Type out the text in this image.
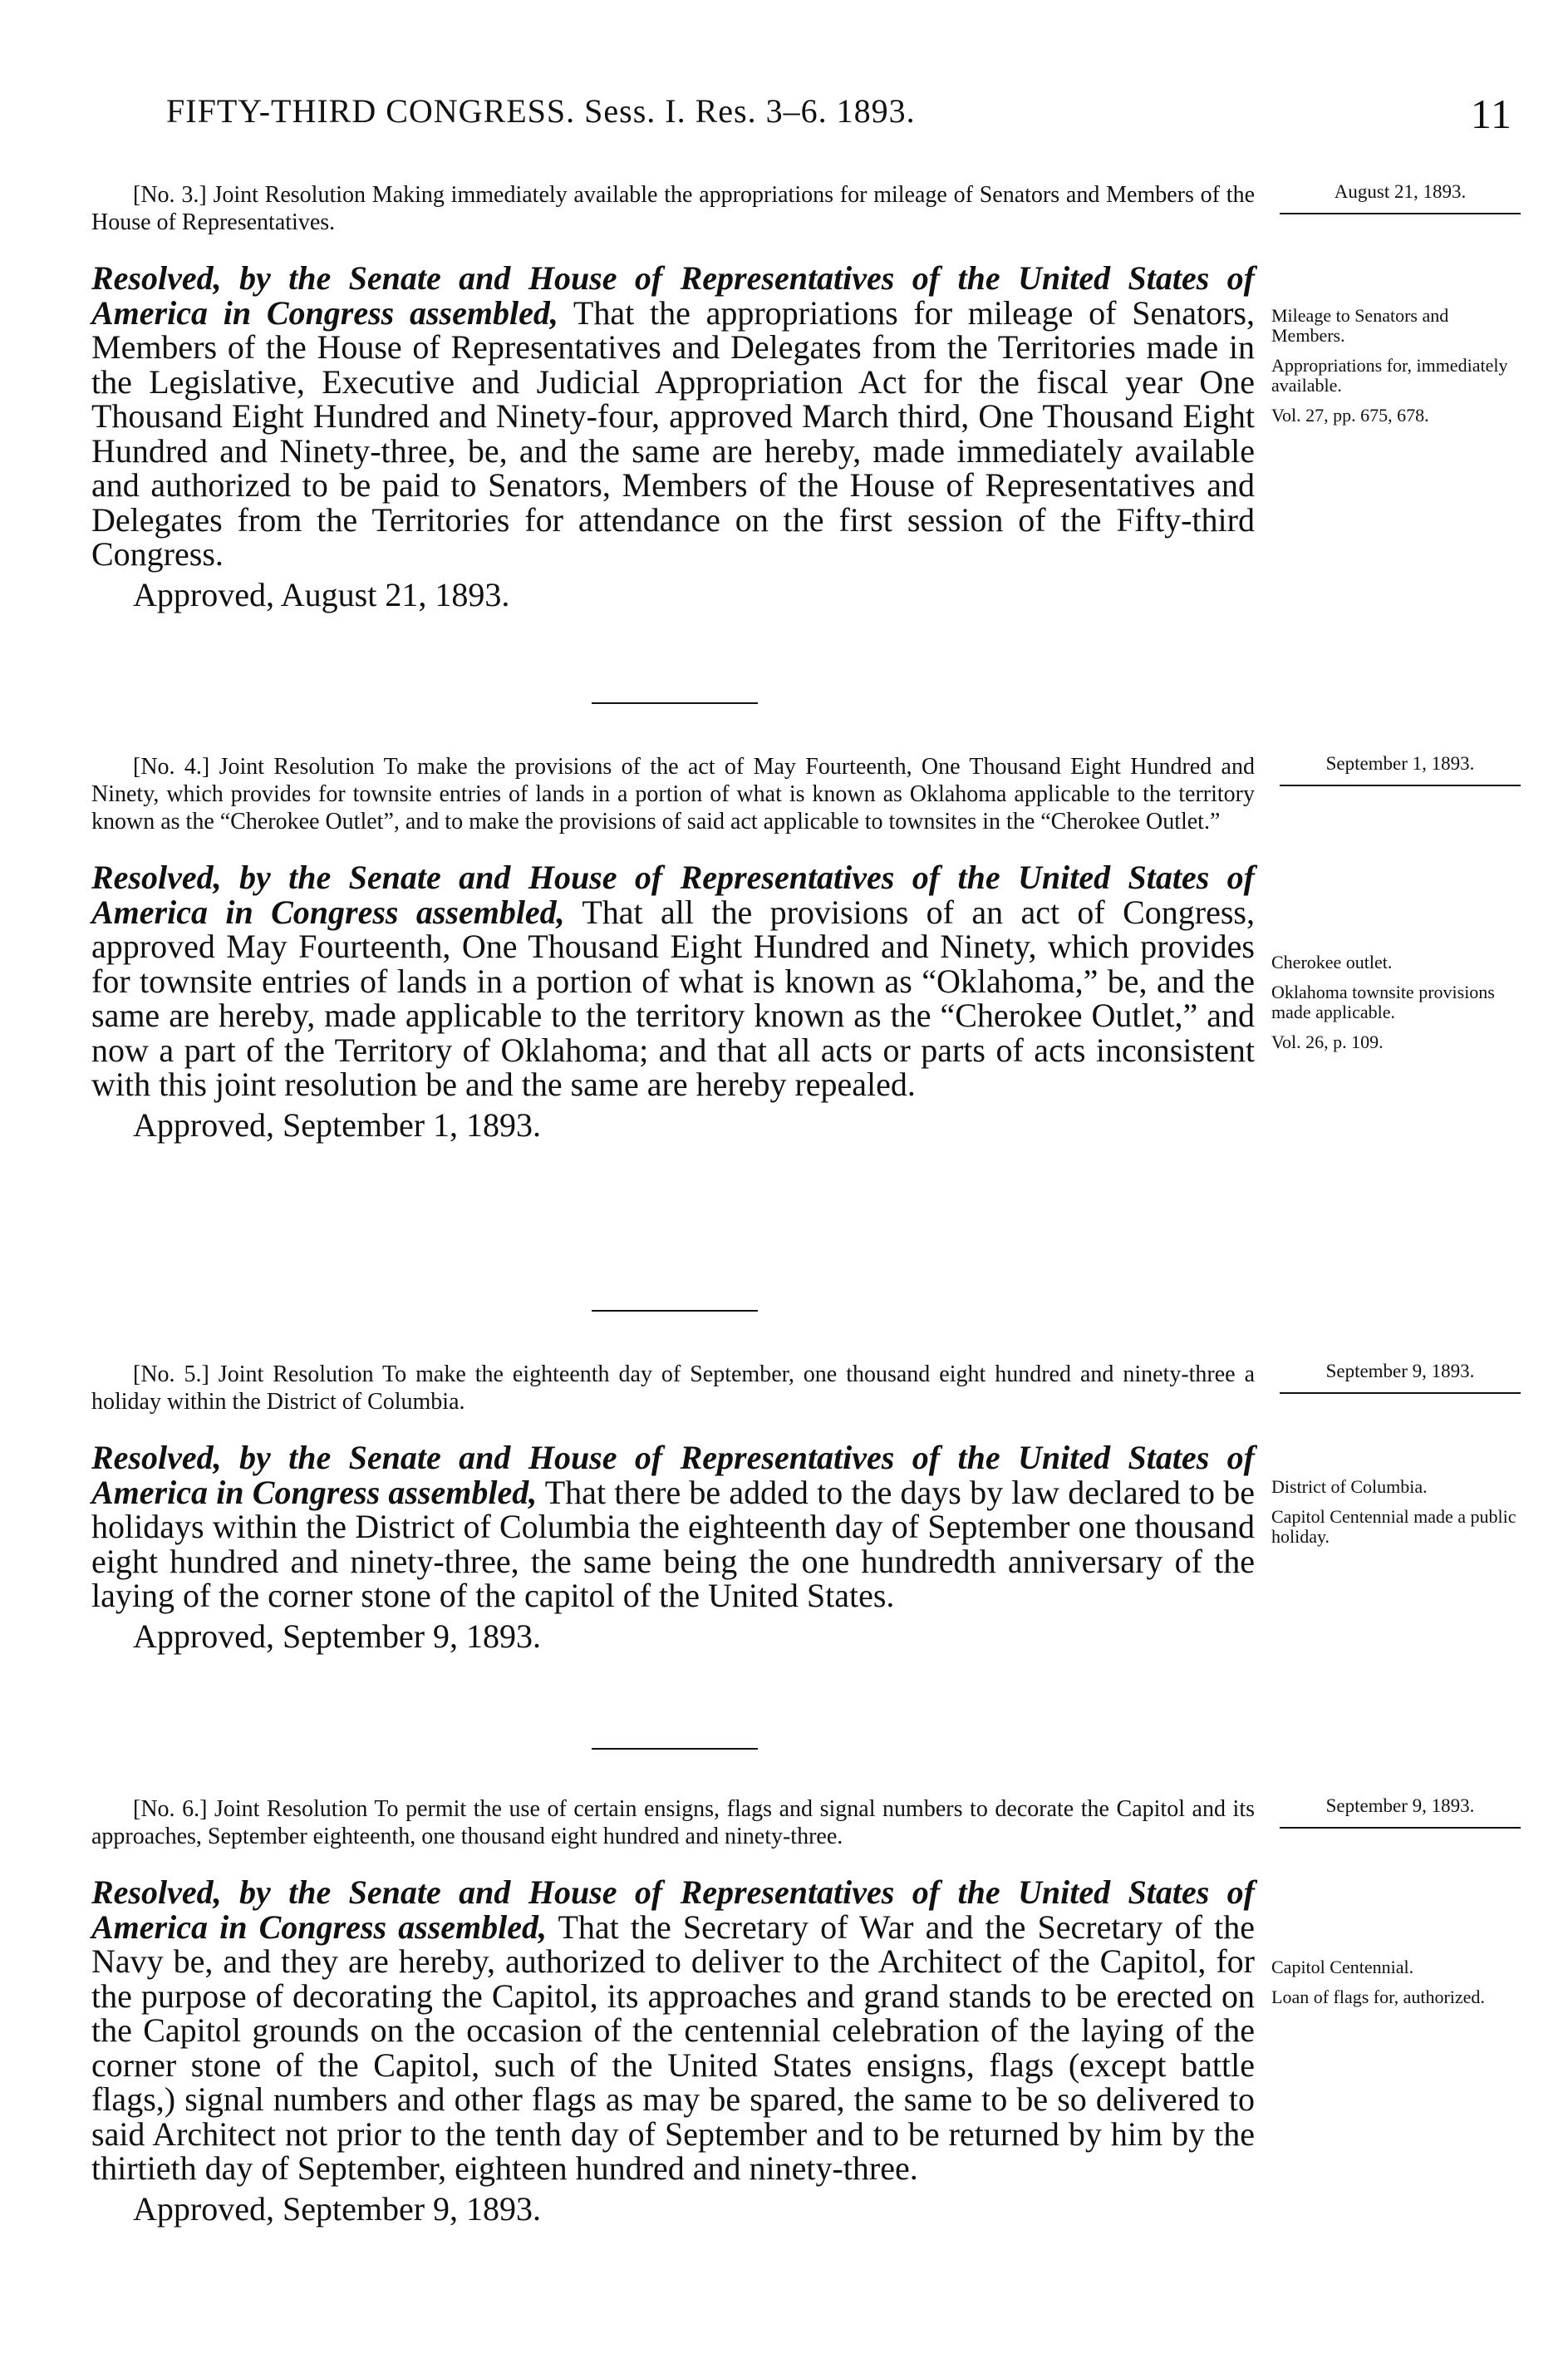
FIFTY-THIRD CONGRESS. Sess. I. Res. 3–6. 1893.	11
[No. 3.] Joint Resolution Making immediately available the appropriations for mileage of Senators and Members of the House of Representatives.
August 21, 1893.
Resolved, by the Senate and House of Representatives of the United States of America in Congress assembled, That the appropriations for mileage of Senators, Members of the House of Representatives and Delegates from the Territories made in the Legislative, Executive and Judicial Appropriation Act for the fiscal year One Thousand Eight Hundred and Ninety-four, approved March third, One Thousand Eight Hundred and Ninety-three, be, and the same are hereby, made immediately available and authorized to be paid to Senators, Members of the House of Representatives and Delegates from the Territories for attendance on the first session of the Fifty-third Congress.
Approved, August 21, 1893.
Mileage to Senators and Members.
Appropriations for, immediately available.
Vol. 27, pp. 675, 678.
[No. 4.] Joint Resolution To make the provisions of the act of May Fourteenth, One Thousand Eight Hundred and Ninety, which provides for townsite entries of lands in a portion of what is known as Oklahoma applicable to the territory known as the “Cherokee Outlet”, and to make the provisions of said act applicable to townsites in the “Cherokee Outlet.”
September 1, 1893.
Resolved, by the Senate and House of Representatives of the United States of America in Congress assembled, That all the provisions of an act of Congress, approved May Fourteenth, One Thousand Eight Hundred and Ninety, which provides for townsite entries of lands in a portion of what is known as “Oklahoma,” be, and the same are hereby, made applicable to the territory known as the “Cherokee Outlet,” and now a part of the Territory of Oklahoma; and that all acts or parts of acts inconsistent with this joint resolution be and the same are hereby repealed.
Approved, September 1, 1893.
Cherokee outlet.
Oklahoma townsite provisions made applicable.
Vol. 26, p. 109.
[No. 5.] Joint Resolution To make the eighteenth day of September, one thousand eight hundred and ninety-three a holiday within the District of Columbia.
September 9, 1893.
Resolved, by the Senate and House of Representatives of the United States of America in Congress assembled, That there be added to the days by law declared to be holidays within the District of Columbia the eighteenth day of September one thousand eight hundred and ninety-three, the same being the one hundredth anniversary of the laying of the corner stone of the capitol of the United States.
Approved, September 9, 1893.
District of Columbia.
Capitol Centennial made a public holiday.
[No. 6.] Joint Resolution To permit the use of certain ensigns, flags and signal numbers to decorate the Capitol and its approaches, September eighteenth, one thousand eight hundred and ninety-three.
September 9, 1893.
Resolved, by the Senate and House of Representatives of the United States of America in Congress assembled, That the Secretary of War and the Secretary of the Navy be, and they are hereby, authorized to deliver to the Architect of the Capitol, for the purpose of decorating the Capitol, its approaches and grand stands to be erected on the Capitol grounds on the occasion of the centennial celebration of the laying of the corner stone of the Capitol, such of the United States ensigns, flags (except battle flags,) signal numbers and other flags as may be spared, the same to be so delivered to said Architect not prior to the tenth day of September and to be returned by him by the thirtieth day of September, eighteen hundred and ninety-three.
Approved, September 9, 1893.
Capitol Centennial.
Loan of flags for, authorized.
